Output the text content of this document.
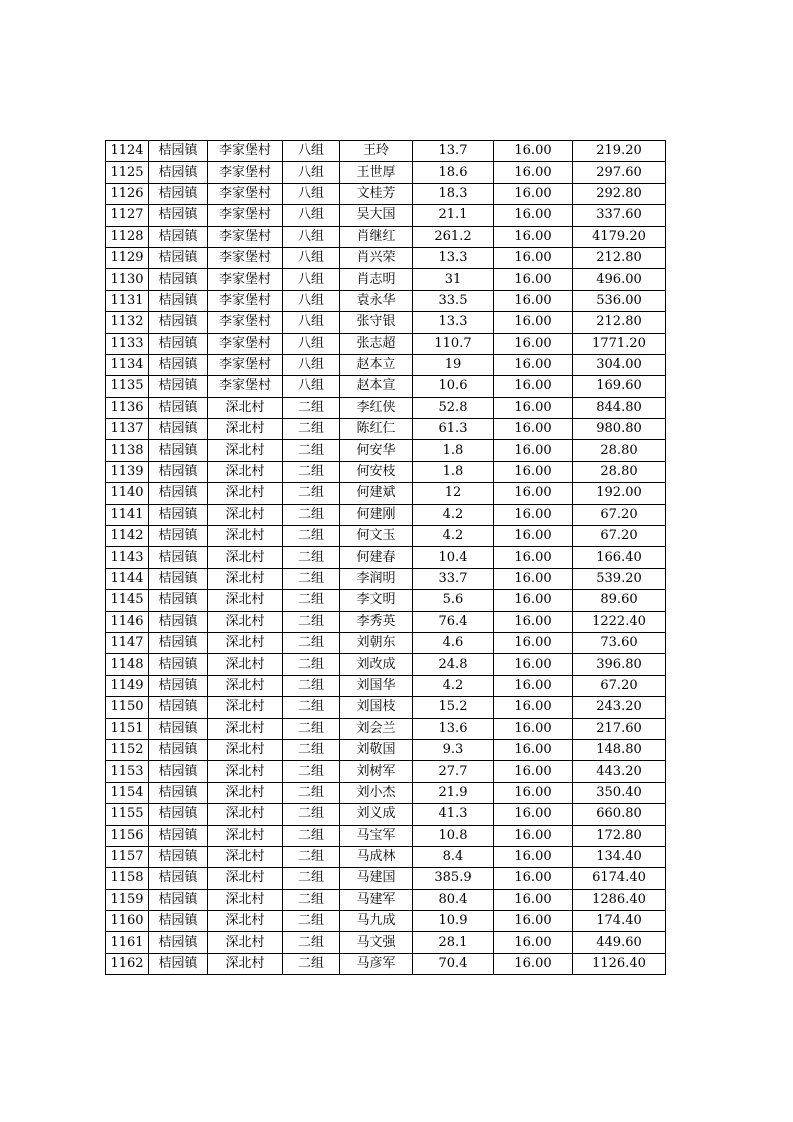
1124	桔园镇	李家堡村	八组	王玲	13.7	16.00	219.20
1125	桔园镇	李家堡村	八组	王世厚	18.6	16.00	297.60
1126	桔园镇	李家堡村	八组	文桂芳	18.3	16.00	292.80
1127	桔园镇	李家堡村	八组	吴大国	21.1	16.00	337.60
1128	桔园镇	李家堡村	八组	肖继红	261.2	16.00	4179.20
1129	桔园镇	李家堡村	八组	肖兴荣	13.3	16.00	212.80
1130	桔园镇	李家堡村	八组	肖志明	31	16.00	496.00
1131	桔园镇	李家堡村	八组	袁永华	33.5	16.00	536.00
1132	桔园镇	李家堡村	八组	张守银	13.3	16.00	212.80
1133	桔园镇	李家堡村	八组	张志超	110.7	16.00	1771.20
1134	桔园镇	李家堡村	八组	赵本立	19	16.00	304.00
1135	桔园镇	李家堡村	八组	赵本宣	10.6	16.00	169.60
1136	桔园镇	深北村	二组	李红侠	52.8	16.00	844.80
1137	桔园镇	深北村	二组	陈红仁	61.3	16.00	980.80
1138	桔园镇	深北村	二组	何安华	1.8	16.00	28.80
1139	桔园镇	深北村	二组	何安枝	1.8	16.00	28.80
1140	桔园镇	深北村	二组	何建斌	12	16.00	192.00
1141	桔园镇	深北村	二组	何建刚	4.2	16.00	67.20
1142	桔园镇	深北村	二组	何文玉	4.2	16.00	67.20
1143	桔园镇	深北村	二组	何建春	10.4	16.00	166.40
1144	桔园镇	深北村	二组	李润明	33.7	16.00	539.20
1145	桔园镇	深北村	二组	李文明	5.6	16.00	89.60
1146	桔园镇	深北村	二组	李秀英	76.4	16.00	1222.40
1147	桔园镇	深北村	二组	刘朝东	4.6	16.00	73.60
1148	桔园镇	深北村	二组	刘改成	24.8	16.00	396.80
1149	桔园镇	深北村	二组	刘国华	4.2	16.00	67.20
1150	桔园镇	深北村	二组	刘国枝	15.2	16.00	243.20
1151	桔园镇	深北村	二组	刘会兰	13.6	16.00	217.60
1152	桔园镇	深北村	二组	刘敬国	9.3	16.00	148.80
1153	桔园镇	深北村	二组	刘树军	27.7	16.00	443.20
1154	桔园镇	深北村	二组	刘小杰	21.9	16.00	350.40
1155	桔园镇	深北村	二组	刘义成	41.3	16.00	660.80
1156	桔园镇	深北村	二组	马宝军	10.8	16.00	172.80
1157	桔园镇	深北村	二组	马成林	8.4	16.00	134.40
1158	桔园镇	深北村	二组	马建国	385.9	16.00	6174.40
1159	桔园镇	深北村	二组	马建军	80.4	16.00	1286.40
1160	桔园镇	深北村	二组	马九成	10.9	16.00	174.40
1161	桔园镇	深北村	二组	马文强	28.1	16.00	449.60
1162	桔园镇	深北村	二组	马彦军	70.4	16.00	1126.40
